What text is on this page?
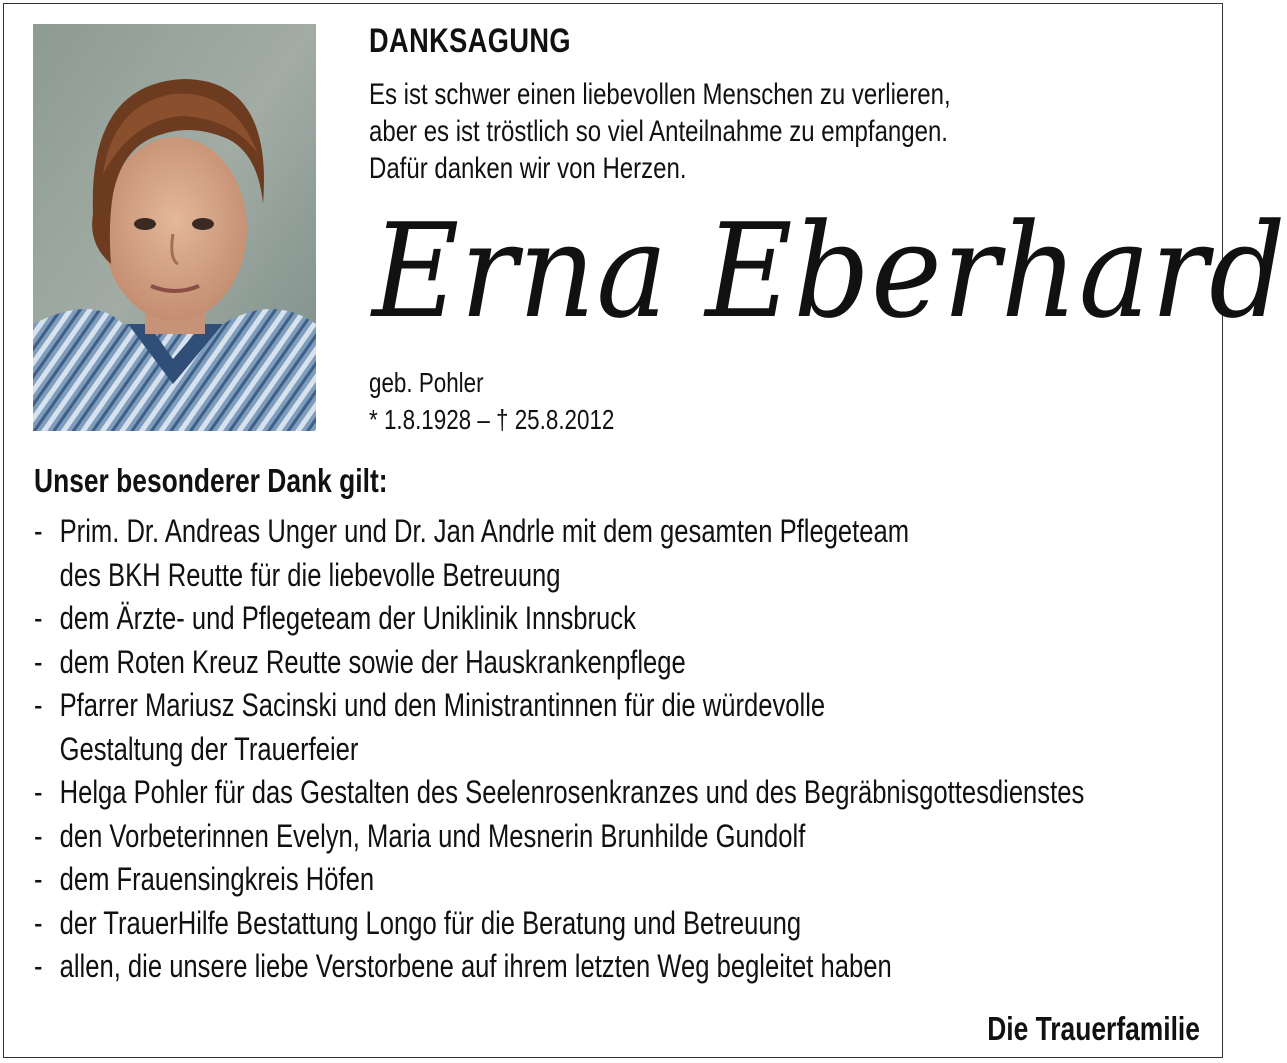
DANKSAGUNG
Es ist schwer einen liebevollen Menschen zu verlieren,
aber es ist tröstlich so viel Anteilnahme zu empfangen.
Dafür danken wir von Herzen.
Erna Eberhard
geb. Pohler
* 1.8.1928 – † 25.8.2012
Unser besonderer Dank gilt:
- Prim. Dr. Andreas Unger und Dr. Jan Andrle mit dem gesamten Pflegeteam
des BKH Reutte für die liebevolle Betreuung
- dem Ärzte- und Pflegeteam der Uniklinik Innsbruck
- dem Roten Kreuz Reutte sowie der Hauskrankenpflege
- Pfarrer Mariusz Sacinski und den Ministrantinnen für die würdevolle
Gestaltung der Trauerfeier
- Helga Pohler für das Gestalten des Seelenrosenkranzes und des Begräbnisgottesdienstes
- den Vorbeterinnen Evelyn, Maria und Mesnerin Brunhilde Gundolf
- dem Frauensingkreis Höfen
- der TrauerHilfe Bestattung Longo für die Beratung und Betreuung
- allen, die unsere liebe Verstorbene auf ihrem letzten Weg begleitet haben
Die Trauerfamilie
